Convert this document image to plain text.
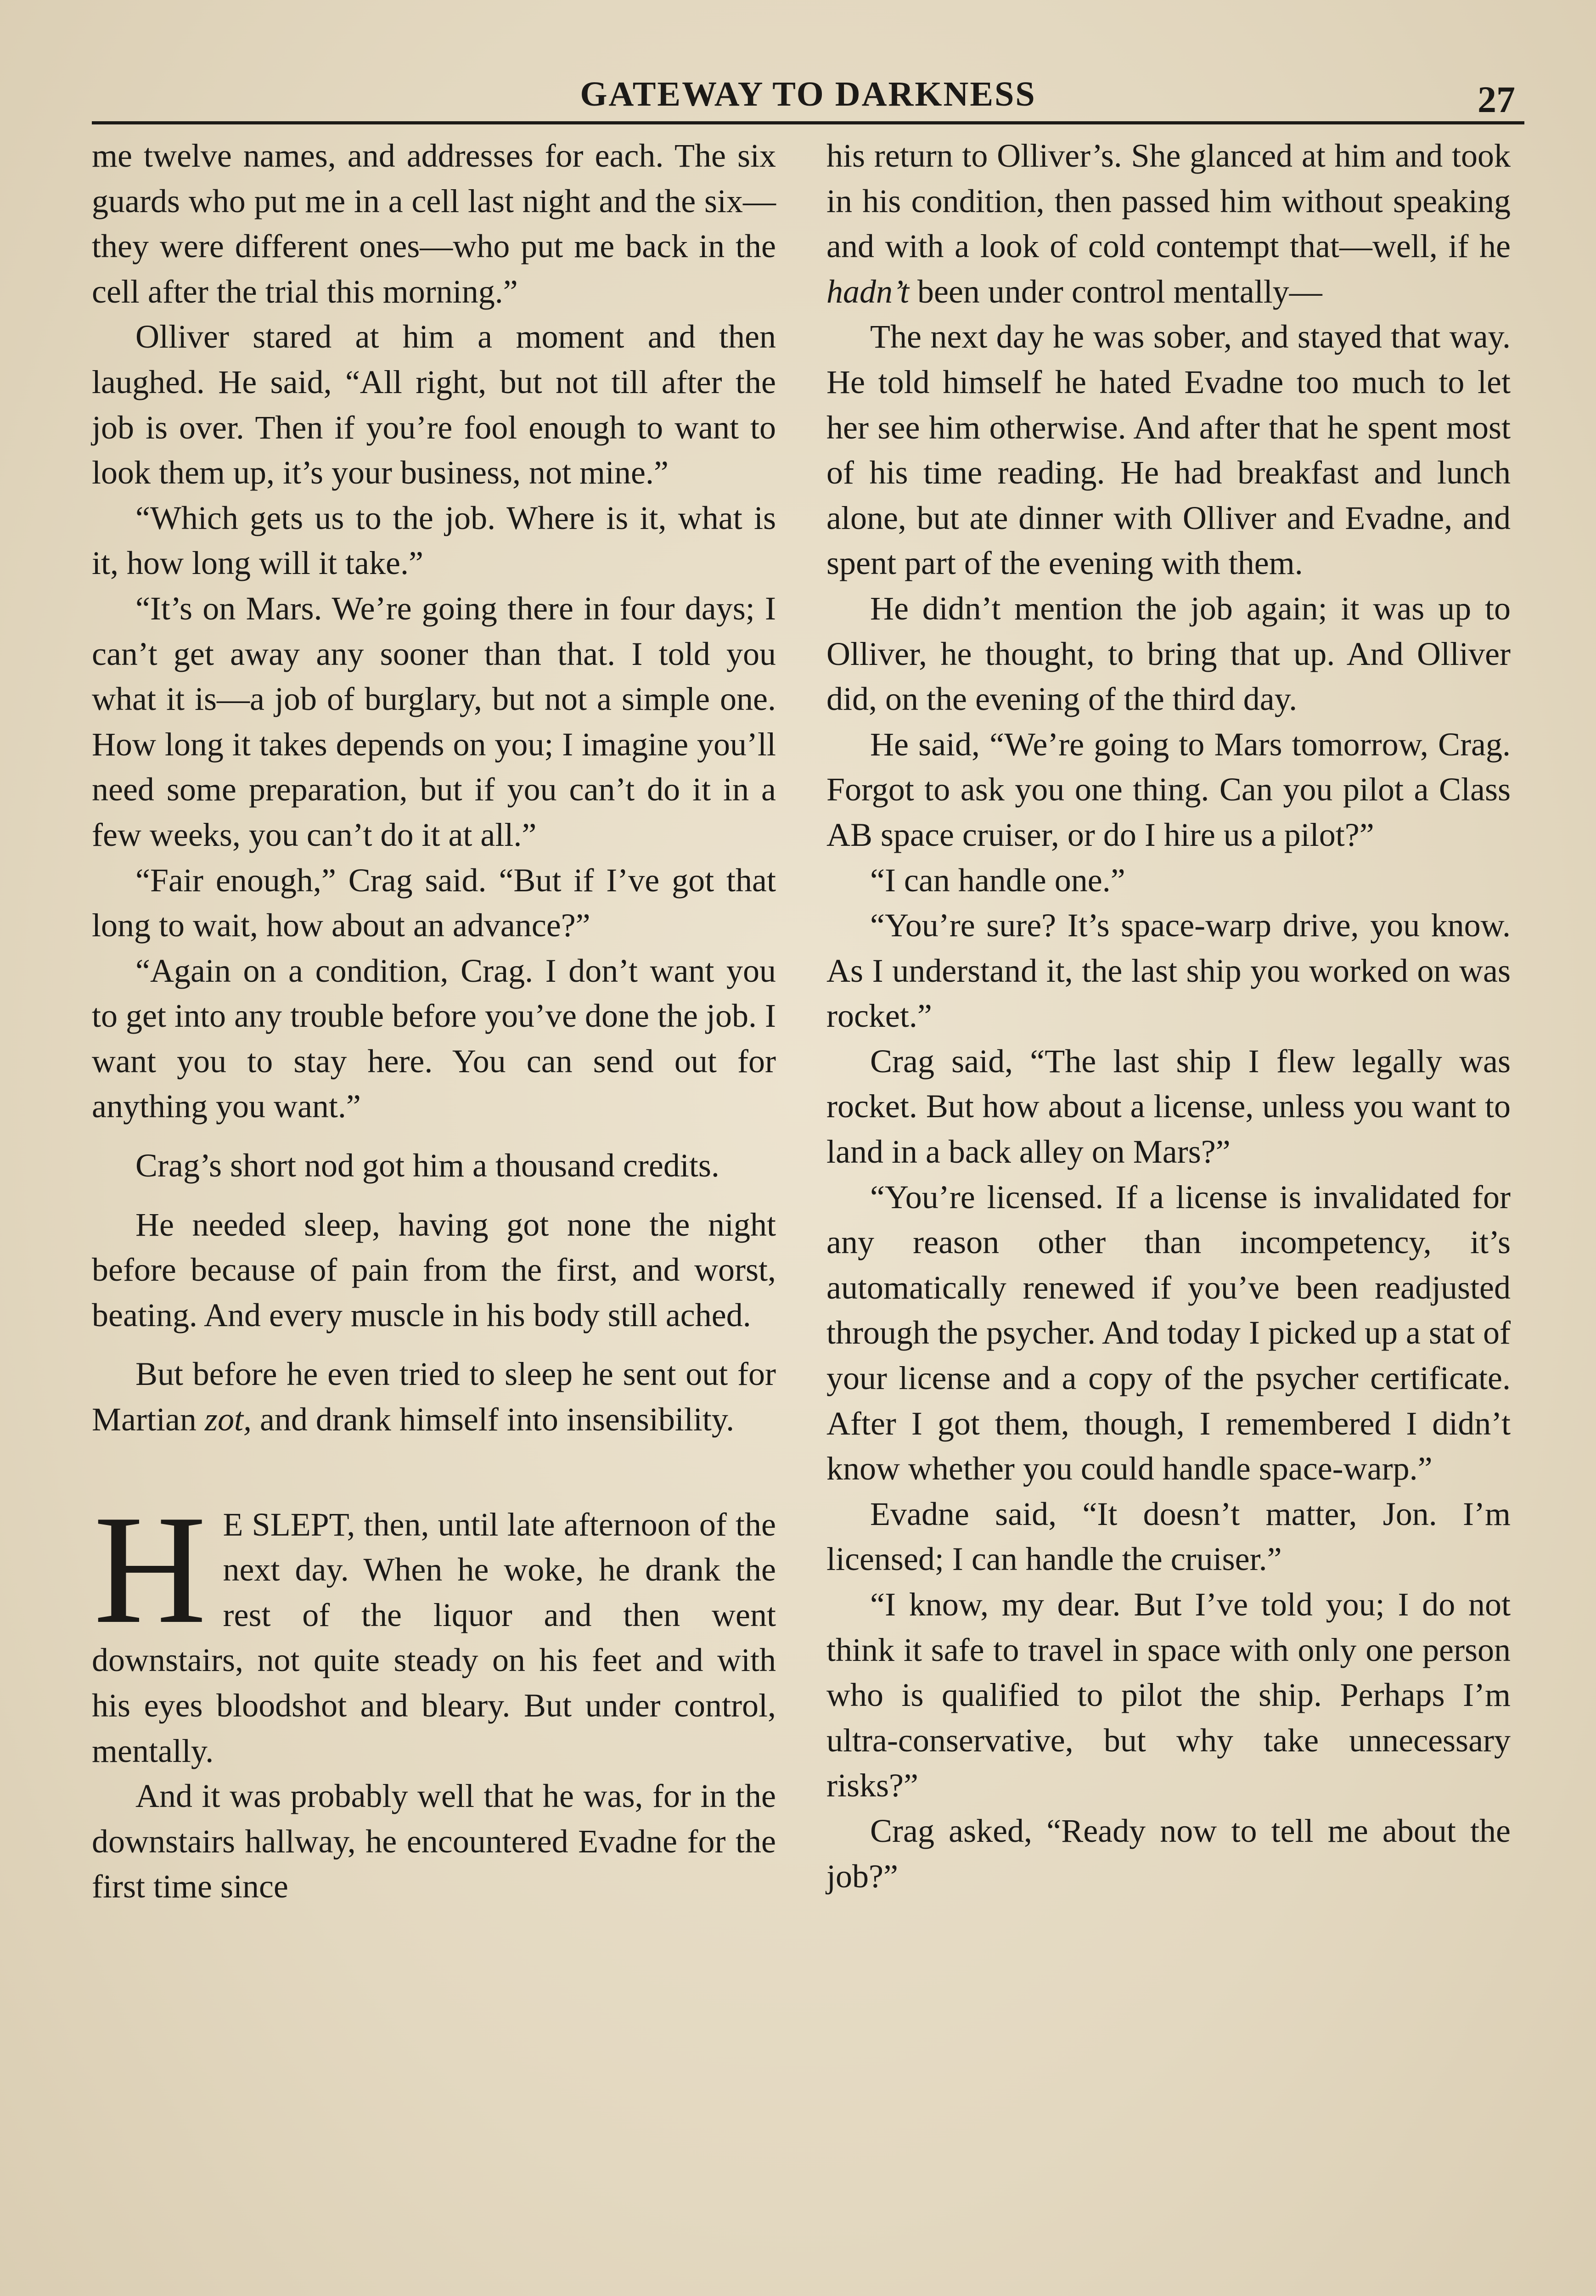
GATEWAY TO DARKNESS	27

me twelve names, and addresses for each. The six guards who put me in a cell last night and the six—they were different ones—who put me back in the cell after the trial this morning.”

Olliver stared at him a moment and then laughed. He said, “All right, but not till after the job is over. Then if you’re fool enough to want to look them up, it’s your business, not mine.”

“Which gets us to the job. Where is it, what is it, how long will it take.”

“It’s on Mars. We’re going there in four days; I can’t get away any sooner than that. I told you what it is—a job of burglary, but not a simple one. How long it takes depends on you; I imagine you’ll need some preparation, but if you can’t do it in a few weeks, you can’t do it at all.”

“Fair enough,” Crag said. “But if I’ve got that long to wait, how about an advance?”

“Again on a condition, Crag. I don’t want you to get into any trouble before you’ve done the job. I want you to stay here. You can send out for anything you want.”

Crag’s short nod got him a thousand credits.

He needed sleep, having got none the night before because of pain from the first, and worst, beating. And every muscle in his body still ached.

But before he even tried to sleep he sent out for Martian zot, and drank himself into insensibility.

H E SLEPT, then, until late afternoon of the next day. When he woke, he drank the rest of the liquor and then went downstairs, not quite steady on his feet and with his eyes bloodshot and bleary. But under control, mentally.

And it was probably well that he was, for in the downstairs hallway, he encountered Evadne for the first time since

his return to Olliver’s. She glanced at him and took in his condition, then passed him without speaking and with a look of cold contempt that—well, if he hadn’t been under control mentally—

The next day he was sober, and stayed that way. He told himself he hated Evadne too much to let her see him otherwise. And after that he spent most of his time reading. He had breakfast and lunch alone, but ate dinner with Olliver and Evadne, and spent part of the evening with them.

He didn’t mention the job again; it was up to Olliver, he thought, to bring that up. And Olliver did, on the evening of the third day.

He said, “We’re going to Mars tomorrow, Crag. Forgot to ask you one thing. Can you pilot a Class AB space cruiser, or do I hire us a pilot?”

“I can handle one.”

“You’re sure? It’s space-warp drive, you know. As I understand it, the last ship you worked on was rocket.”

Crag said, “The last ship I flew legally was rocket. But how about a license, unless you want to land in a back alley on Mars?”

“You’re licensed. If a license is invalidated for any reason other than incompetency, it’s automatically renewed if you’ve been readjusted through the psycher. And today I picked up a stat of your license and a copy of the psycher certificate. After I got them, though, I remembered I didn’t know whether you could handle space-warp.”

Evadne said, “It doesn’t matter, Jon. I’m licensed; I can handle the cruiser.”

“I know, my dear. But I’ve told you; I do not think it safe to travel in space with only one person who is qualified to pilot the ship. Perhaps I’m ultra-conservative, but why take unnecessary risks?”

Crag asked, “Ready now to tell me about the job?”
